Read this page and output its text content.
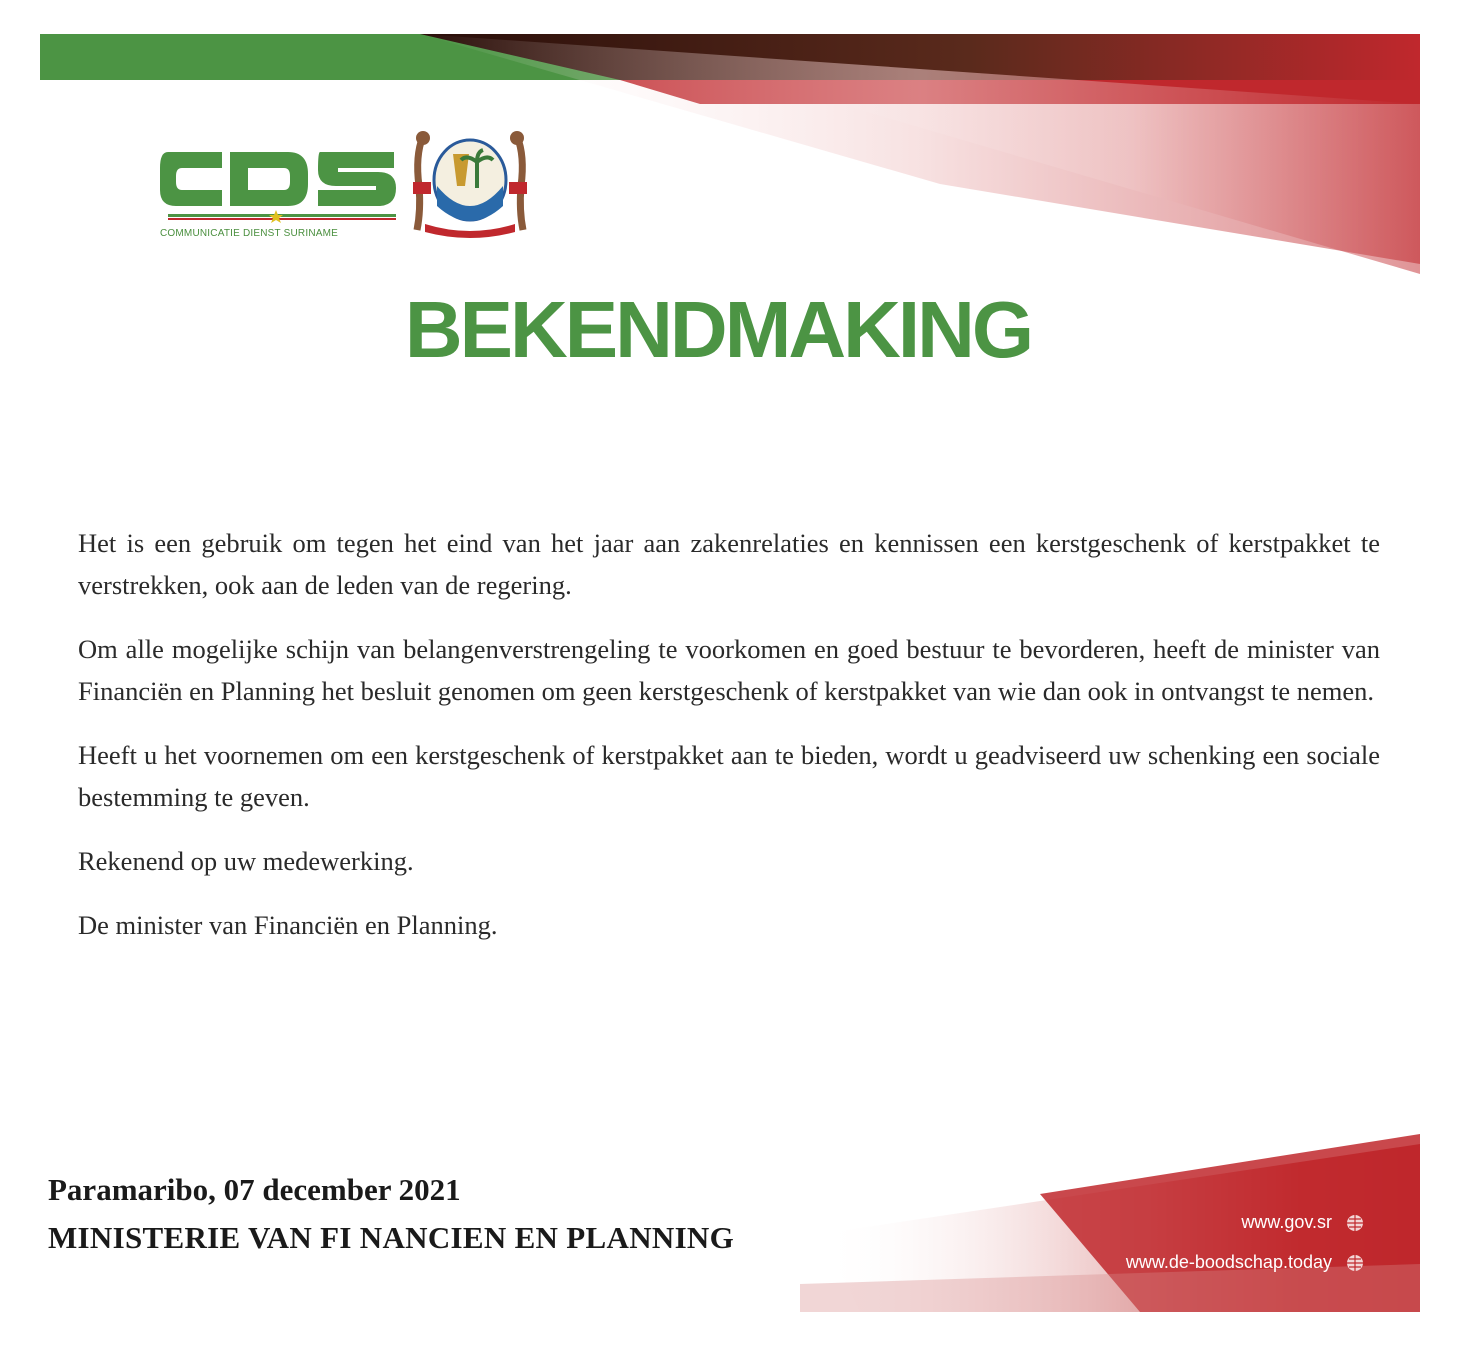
COMMUNICATIE DIENST SURINAME
BEKENDMAKING

Het is een gebruik om tegen het eind van het jaar aan zakenrelaties en kennissen een kerstgeschenk of kerstpakket te verstrekken, ook aan de leden van de regering.

Om alle mogelijke schijn van belangenverstrengeling te voorkomen en goed bestuur te bevorderen, heeft de minister van Financiën en Planning het besluit genomen om geen kerstgeschenk of kerstpakket van wie dan ook in ontvangst te nemen.

Heeft u het voornemen om een kerstgeschenk of kerstpakket aan te bieden, wordt u geadviseerd uw schenking een sociale bestemming te geven.

Rekenend op uw medewerking.

De minister van Financiën en Planning.

Paramaribo, 07 december 2021
MINISTERIE VAN FI NANCIEN EN PLANNING	www.gov.sr
www.de-boodschap.today
